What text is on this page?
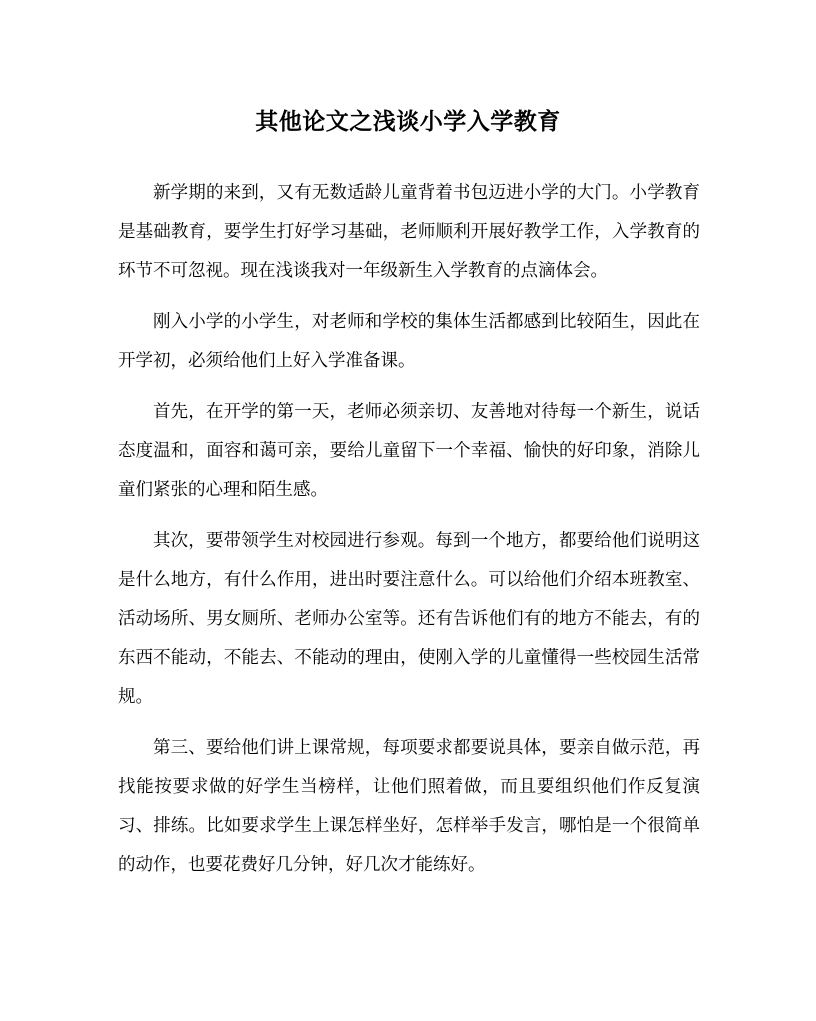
其他论文之浅谈小学入学教育

新学期的来到，又有无数适龄儿童背着书包迈进小学的大门。小学教育是基础教育，要学生打好学习基础，老师顺利开展好教学工作，入学教育的环节不可忽视。现在浅谈我对一年级新生入学教育的点滴体会。

刚入小学的小学生，对老师和学校的集体生活都感到比较陌生，因此在开学初，必须给他们上好入学准备课。

首先，在开学的第一天，老师必须亲切、友善地对待每一个新生，说话态度温和，面容和蔼可亲，要给儿童留下一个幸福、愉快的好印象，消除儿童们紧张的心理和陌生感。

其次，要带领学生对校园进行参观。每到一个地方，都要给他们说明这是什么地方，有什么作用，进出时要注意什么。可以给他们介绍本班教室、活动场所、男女厕所、老师办公室等。还有告诉他们有的地方不能去，有的东西不能动，不能去、不能动的理由，使刚入学的儿童懂得一些校园生活常规。

第三、要给他们讲上课常规，每项要求都要说具体，要亲自做示范，再找能按要求做的好学生当榜样，让他们照着做，而且要组织他们作反复演习、排练。比如要求学生上课怎样坐好，怎样举手发言，哪怕是一个很简单的动作，也要花费好几分钟，好几次才能练好。
